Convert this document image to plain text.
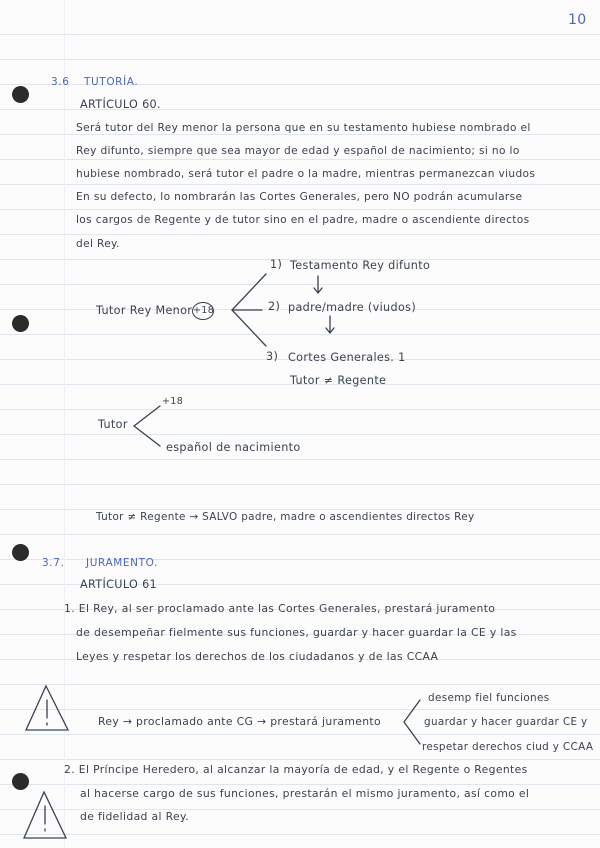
10
3.6 TUTORÍA.
ARTÍCULO 60.
Será tutor del Rey menor la persona que en su testamento hubiese nombrado el
Rey difunto, siempre que sea mayor de edad y español de nacimiento; si no lo
hubiese nombrado, será tutor el padre o la madre, mientras permanezcan viudos
En su defecto, lo nombrarán las Cortes Generales, pero NO podrán acumularse
los cargos de Regente y de tutor sino en el padre, madre o ascendiente directos
del Rey.
Tutor Rey Menor +18
1) Testamento Rey difunto
2) padre/madre (viudos)
3) Cortes Generales. 1
Tutor ≠ Regente
Tutor
+18
español de nacimiento
Tutor ≠ Regente → SALVO padre, madre o ascendientes directos Rey
3.7. JURAMENTO.
ARTÍCULO 61
1. El Rey, al ser proclamado ante las Cortes Generales, prestará juramento
de desempeñar fielmente sus funciones, guardar y hacer guardar la CE y las
Leyes y respetar los derechos de los ciudadanos y de las CCAA
Rey → proclamado ante CG → prestará juramento
desemp fiel funciones
guardar y hacer guardar CE y
respetar derechos ciud y CCAA
2. El Príncipe Heredero, al alcanzar la mayoría de edad, y el Regente o Regentes
al hacerse cargo de sus funciones, prestarán el mismo juramento, así como el
de fidelidad al Rey.
